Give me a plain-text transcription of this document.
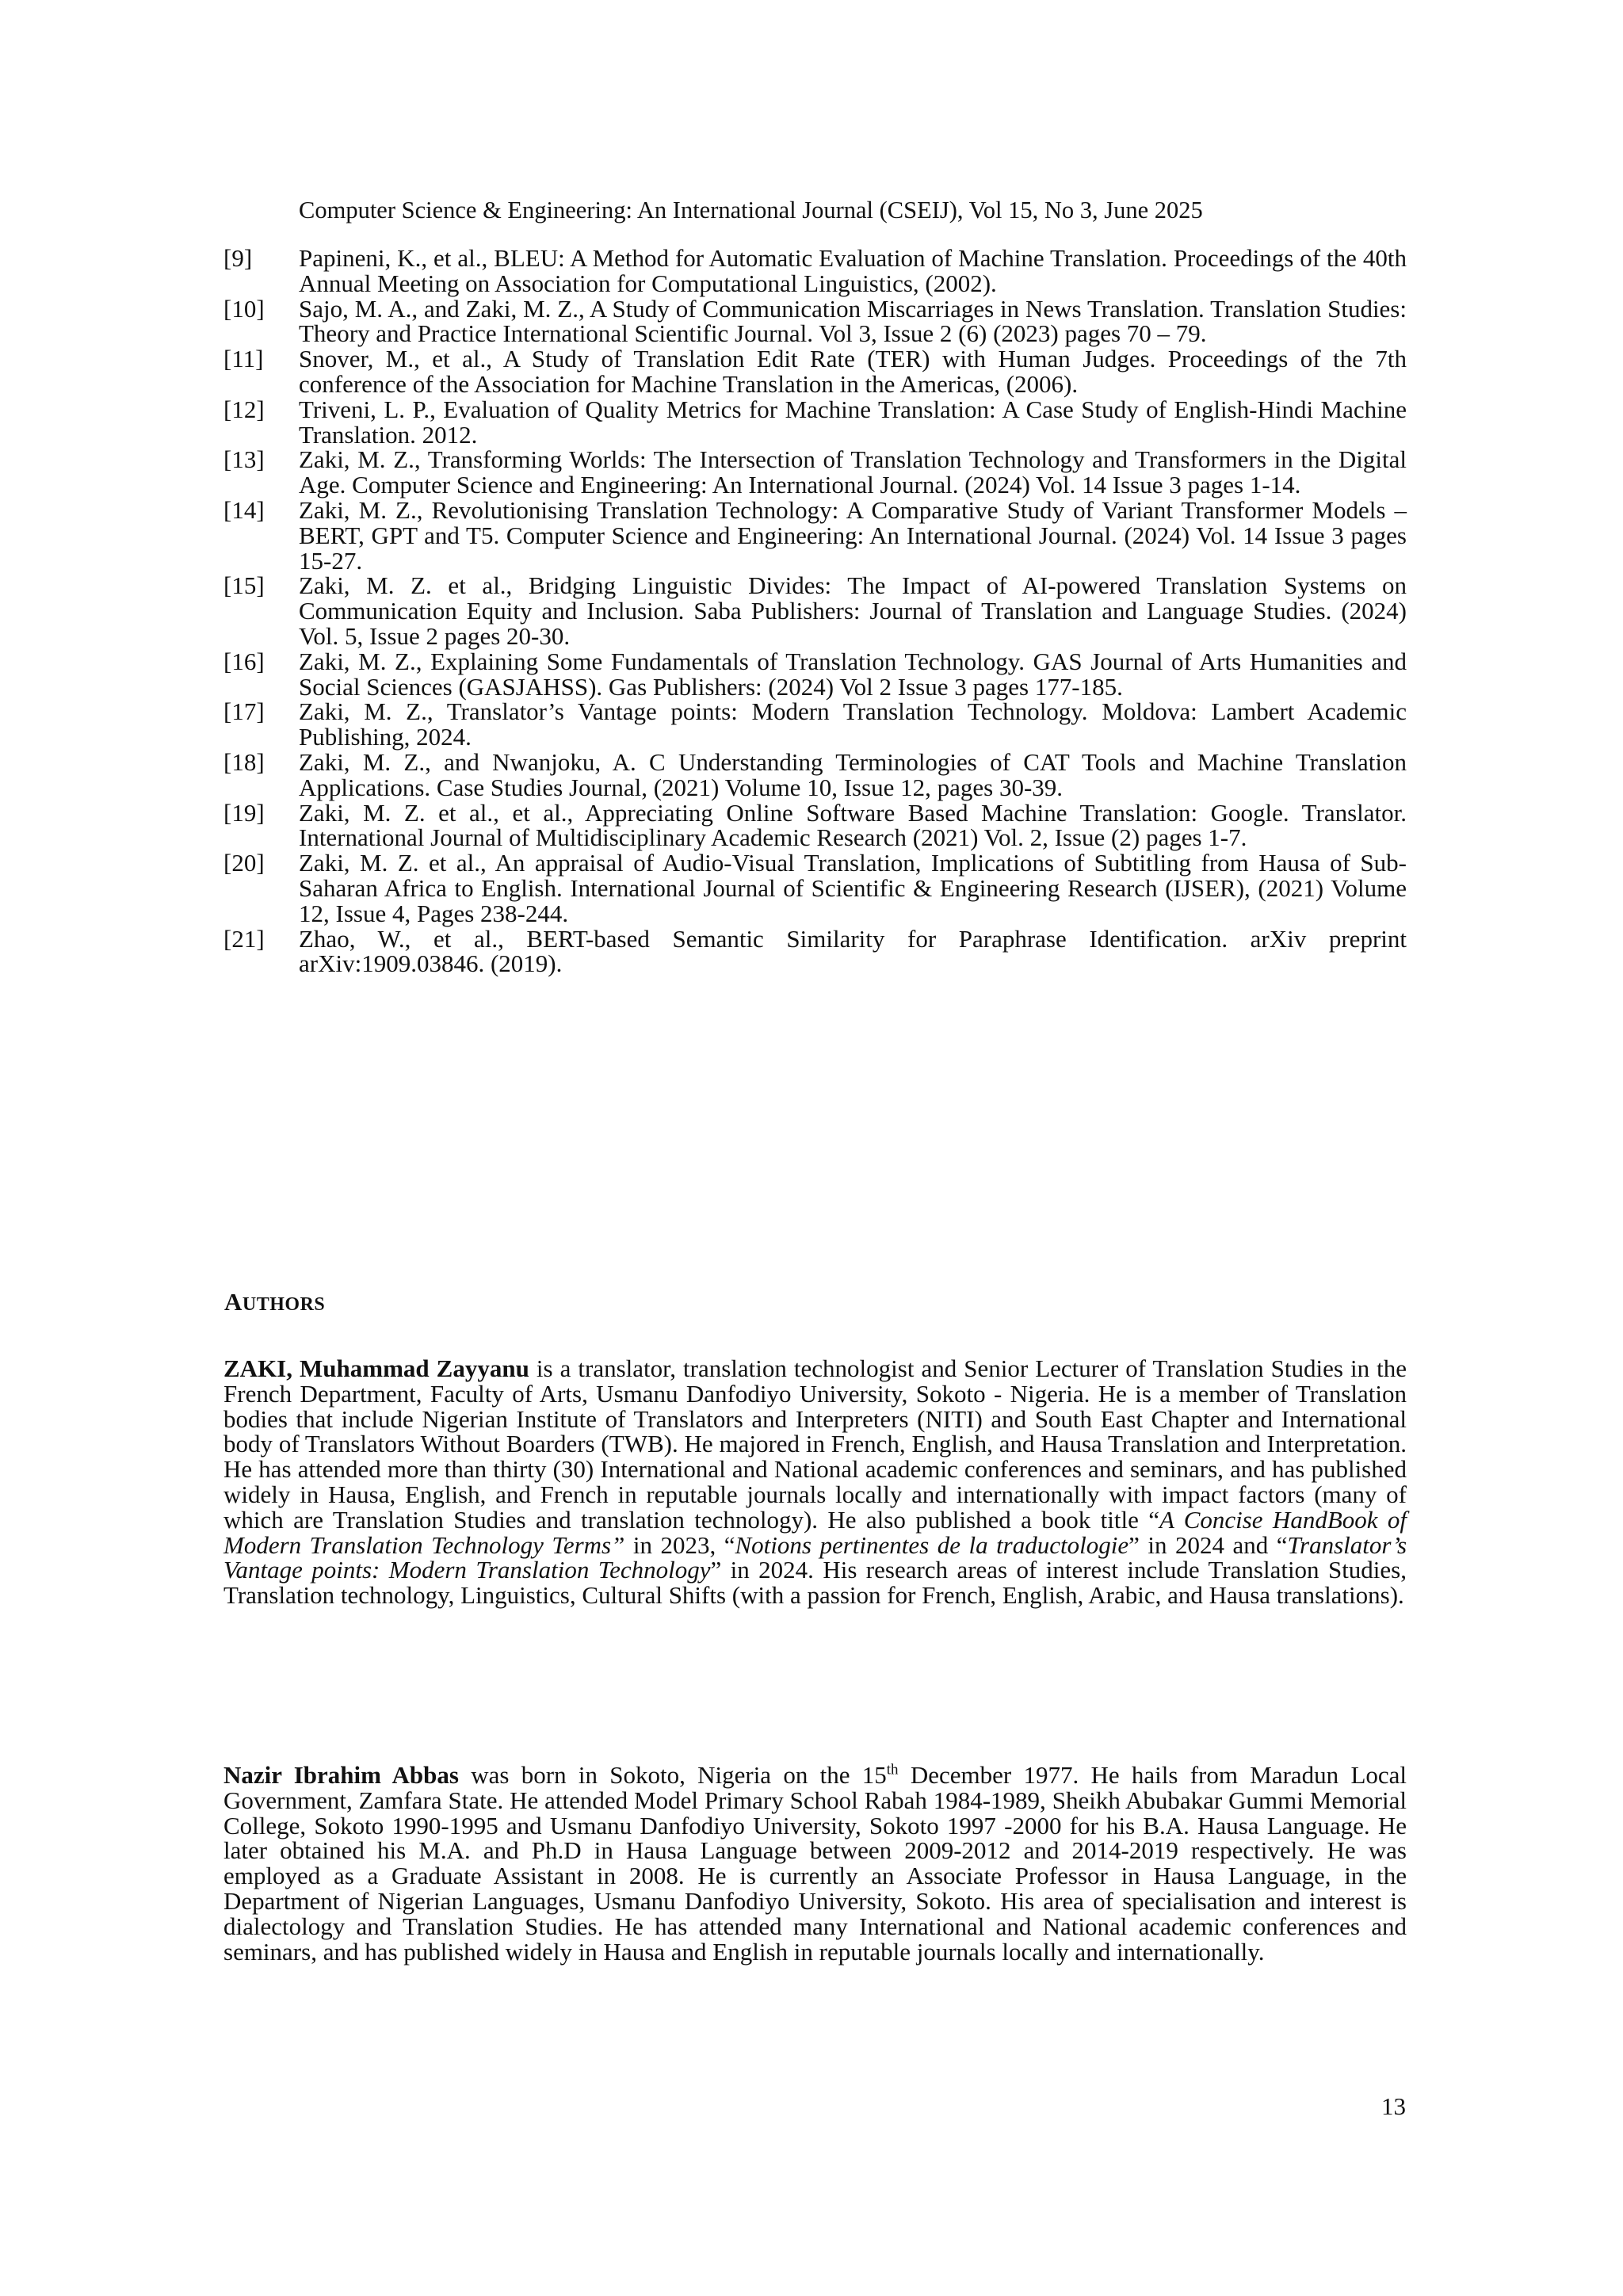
Computer Science & Engineering: An International Journal (CSEIJ), Vol 15, No 3, June 2025
[9] Papineni, K., et al., BLEU: A Method for Automatic Evaluation of Machine Translation. Proceedings of the 40th Annual Meeting on Association for Computational Linguistics, (2002).
[10] Sajo, M. A., and Zaki, M. Z., A Study of Communication Miscarriages in News Translation. Translation Studies: Theory and Practice International Scientific Journal. Vol 3, Issue 2 (6) (2023) pages 70 – 79.
[11] Snover, M., et al., A Study of Translation Edit Rate (TER) with Human Judges. Proceedings of the 7th conference of the Association for Machine Translation in the Americas, (2006).
[12] Triveni, L. P., Evaluation of Quality Metrics for Machine Translation: A Case Study of English-Hindi Machine Translation. 2012.
[13] Zaki, M. Z., Transforming Worlds: The Intersection of Translation Technology and Transformers in the Digital Age. Computer Science and Engineering: An International Journal. (2024) Vol. 14 Issue 3 pages 1-14.
[14] Zaki, M. Z., Revolutionising Translation Technology: A Comparative Study of Variant Transformer Models – BERT, GPT and T5. Computer Science and Engineering: An International Journal. (2024) Vol. 14 Issue 3 pages 15-27.
[15] Zaki, M. Z. et al., Bridging Linguistic Divides: The Impact of AI-powered Translation Systems on Communication Equity and Inclusion. Saba Publishers: Journal of Translation and Language Studies. (2024) Vol. 5, Issue 2 pages 20-30.
[16] Zaki, M. Z., Explaining Some Fundamentals of Translation Technology. GAS Journal of Arts Humanities and Social Sciences (GASJAHSS). Gas Publishers: (2024) Vol 2 Issue 3 pages 177-185.
[17] Zaki, M. Z., Translator’s Vantage points: Modern Translation Technology. Moldova: Lambert Academic Publishing, 2024.
[18] Zaki, M. Z., and Nwanjoku, A. C Understanding Terminologies of CAT Tools and Machine Translation Applications. Case Studies Journal, (2021) Volume 10, Issue 12, pages 30-39.
[19] Zaki, M. Z. et al., et al., Appreciating Online Software Based Machine Translation: Google. Translator. International Journal of Multidisciplinary Academic Research (2021) Vol. 2, Issue (2) pages 1-7.
[20] Zaki, M. Z. et al., An appraisal of Audio-Visual Translation, Implications of Subtitling from Hausa of Sub-Saharan Africa to English. International Journal of Scientific & Engineering Research (IJSER), (2021) Volume 12, Issue 4, Pages 238-244.
[21] Zhao, W., et al., BERT-based Semantic Similarity for Paraphrase Identification. arXiv preprint arXiv:1909.03846. (2019).
AUTHORS
ZAKI, Muhammad Zayyanu is a translator, translation technologist and Senior Lecturer of Translation Studies in the French Department, Faculty of Arts, Usmanu Danfodiyo University, Sokoto - Nigeria. He is a member of Translation bodies that include Nigerian Institute of Translators and Interpreters (NITI) and South East Chapter and International body of Translators Without Boarders (TWB). He majored in French, English, and Hausa Translation and Interpretation. He has attended more than thirty (30) International and National academic conferences and seminars, and has published widely in Hausa, English, and French in reputable journals locally and internationally with impact factors (many of which are Translation Studies and translation technology). He also published a book title “A Concise HandBook of Modern Translation Technology Terms” in 2023, “Notions pertinentes de la traductologie” in 2024 and “Translator’s Vantage points: Modern Translation Technology” in 2024. His research areas of interest include Translation Studies, Translation technology, Linguistics, Cultural Shifts (with a passion for French, English, Arabic, and Hausa translations).
Nazir Ibrahim Abbas was born in Sokoto, Nigeria on the 15th December 1977. He hails from Maradun Local Government, Zamfara State. He attended Model Primary School Rabah 1984-1989, Sheikh Abubakar Gummi Memorial College, Sokoto 1990-1995 and Usmanu Danfodiyo University, Sokoto 1997 -2000 for his B.A. Hausa Language. He later obtained his M.A. and Ph.D in Hausa Language between 2009-2012 and 2014-2019 respectively. He was employed as a Graduate Assistant in 2008. He is currently an Associate Professor in Hausa Language, in the Department of Nigerian Languages, Usmanu Danfodiyo University, Sokoto. His area of specialisation and interest is dialectology and Translation Studies. He has attended many International and National academic conferences and seminars, and has published widely in Hausa and English in reputable journals locally and internationally.
13
